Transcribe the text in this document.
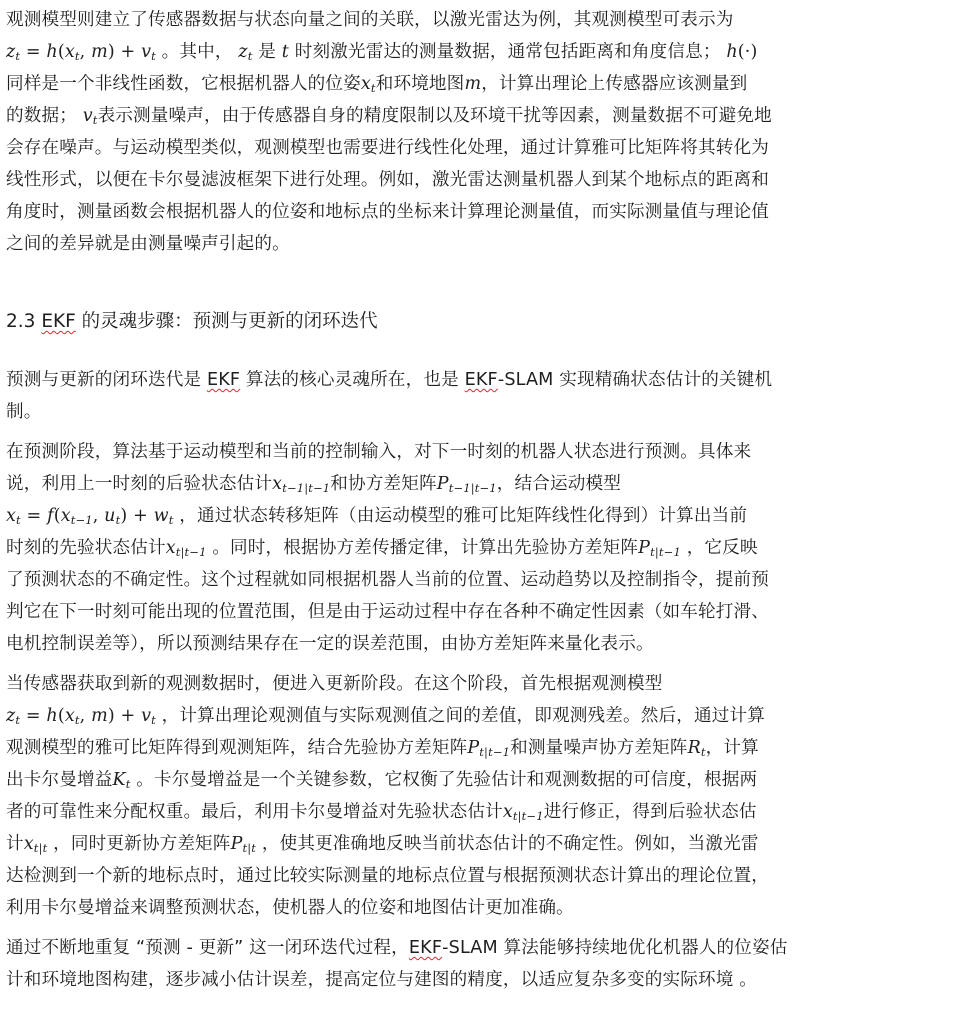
观测模型则建立了传感器数据与状态向量之间的关联，以激光雷达为例，其观测模型可表示为
$z_t = h(x_t$, $m) + v_t$ 。其中， $z_t$ 是 t 时刻激光雷达的测量数据，通常包括距离和角度信息； h(·)
同样是一个非线性函数，它根据机器人的位姿$x_t$和环境地图m，计算出理论上传感器应该测量到
的数据； $v_t$表示测量噪声，由于传感器自身的精度限制以及环境干扰等因素，测量数据不可避免地
会存在噪声。与运动模型类似，观测模型也需要进行线性化处理，通过计算雅可比矩阵将其转化为
线性形式，以便在卡尔曼滤波框架下进行处理。例如，激光雷达测量机器人到某个地标点的距离和
角度时，测量函数会根据机器人的位姿和地标点的坐标来计算理论测量值，而实际测量值与理论值
之间的差异就是由测量噪声引起的。
2.3 EKF 的灵魂步骤：预测与更新的闭环迭代
预测与更新的闭环迭代是 EKF 算法的核心灵魂所在，也是 EKF-SLAM 实现精确状态估计的关键机
制。
在预测阶段，算法基于运动模型和当前的控制输入，对下一时刻的机器人状态进行预测。具体来
说，利用上一时刻的后验状态估计$x_{t-1|t-1}$和协方差矩阵$P_{t-1|t-1}$，结合运动模型
$x_t = f(x_{t-1}$, $u_t) + w_t$ ，通过状态转移矩阵（由运动模型的雅可比矩阵线性化得到）计算出当前
时刻的先验状态估计$x_{t|t-1}$ 。同时，根据协方差传播定律，计算出先验协方差矩阵$P_{t|t-1}$ ，它反映
了预测状态的不确定性。这个过程就如同根据机器人当前的位置、运动趋势以及控制指令，提前预
判它在下一时刻可能出现的位置范围，但是由于运动过程中存在各种不确定性因素（如车轮打滑、
电机控制误差等），所以预测结果存在一定的误差范围，由协方差矩阵来量化表示。
当传感器获取到新的观测数据时，便进入更新阶段。在这个阶段，首先根据观测模型
$z_t = h(x_t$, $m) + v_t$ ，计算出理论观测值与实际观测值之间的差值，即观测残差。然后，通过计算
观测模型的雅可比矩阵得到观测矩阵，结合先验协方差矩阵$P_{t|t-1}$和测量噪声协方差矩阵$R_t$，计算
出卡尔曼增益$K_t$ 。卡尔曼增益是一个关键参数，它权衡了先验估计和观测数据的可信度，根据两
者的可靠性来分配权重。最后，利用卡尔曼增益对先验状态估计$x_{t|t-1}$进行修正，得到后验状态估
计$x_{t|t}$ ，同时更新协方差矩阵$P_{t|t}$ ，使其更准确地反映当前状态估计的不确定性。例如，当激光雷
达检测到一个新的地标点时，通过比较实际测量的地标点位置与根据预测状态计算出的理论位置，
利用卡尔曼增益来调整预测状态，使机器人的位姿和地图估计更加准确。
通过不断地重复 “预测 - 更新” 这一闭环迭代过程，EKF-SLAM 算法能够持续地优化机器人的位姿估
计和环境地图构建，逐步减小估计误差，提高定位与建图的精度，以适应复杂多变的实际环境 。
